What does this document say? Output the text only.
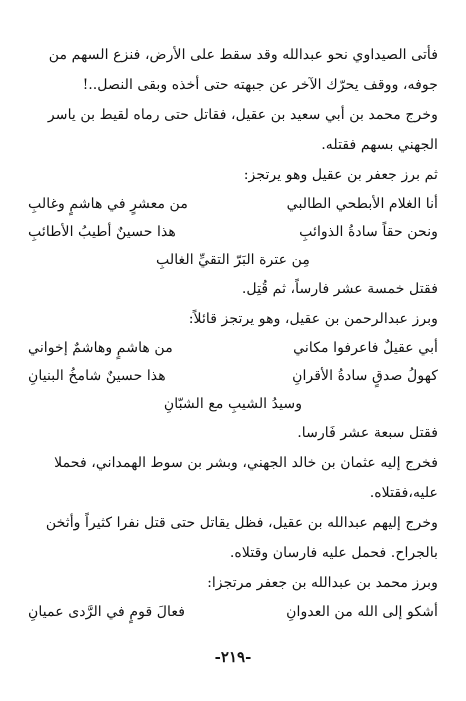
فأتى الصيداوي نحو عبدالله وقد سقط على الأرض، فنزع السهم من

جوفه، ووقف يحرّك الآخر عن جبهته حتى أخذه وبقى النصل..!

وخرج محمد بن أبي سعيد بن عقيل، فقاتل حتى رماه لقيط بن ياسر

الجهني بسهم فقتله.

ثم برز جعفر بن عقيل وهو يرتجز:

أنا الغلام الأبطحي الطالبي
من معشرٍ في هاشمٍ وغالبِ
ونحن حقاً سادةُ الذوائبِ
هذا حسينٌ أطيبُ الأطائبِ

مِن عترة البَرّ التقيِّ الغالبِ

فقتل خمسة عشر فارساً، ثم قُتِل.

وبرز عبدالرحمن بن عقيل، وهو يرتجز قائلاً:

أبي عقيلٌ فاعرفوا مكاني
من هاشمٍ وهاشمٌ إخواني
كهولُ صدقٍ سادةُ الأقرانِ
هذا حسينٌ شامخُ البنيانِ

وسيدُ الشيبِ مع الشبّانِ

فقتل سبعة عشر فَارسا.

فخرج إليه عثمان بن خالد الجهني، وبشر بن سوط الهمداني، فحملا

عليه،فقتلاه.

وخرج إليهم عبدالله بن عقيل، فظل يقاتل حتى قتل نفرا كثيراً وأثخن

بالجراح. فحمل عليه فارسان وقتلاه.

وبرز محمد بن عبدالله بن جعفر مرتجزا:

أشكو إلى الله من العدوانِ
فعالَ قومٍ في الرَّدى عميانِ
-٢١٩-
